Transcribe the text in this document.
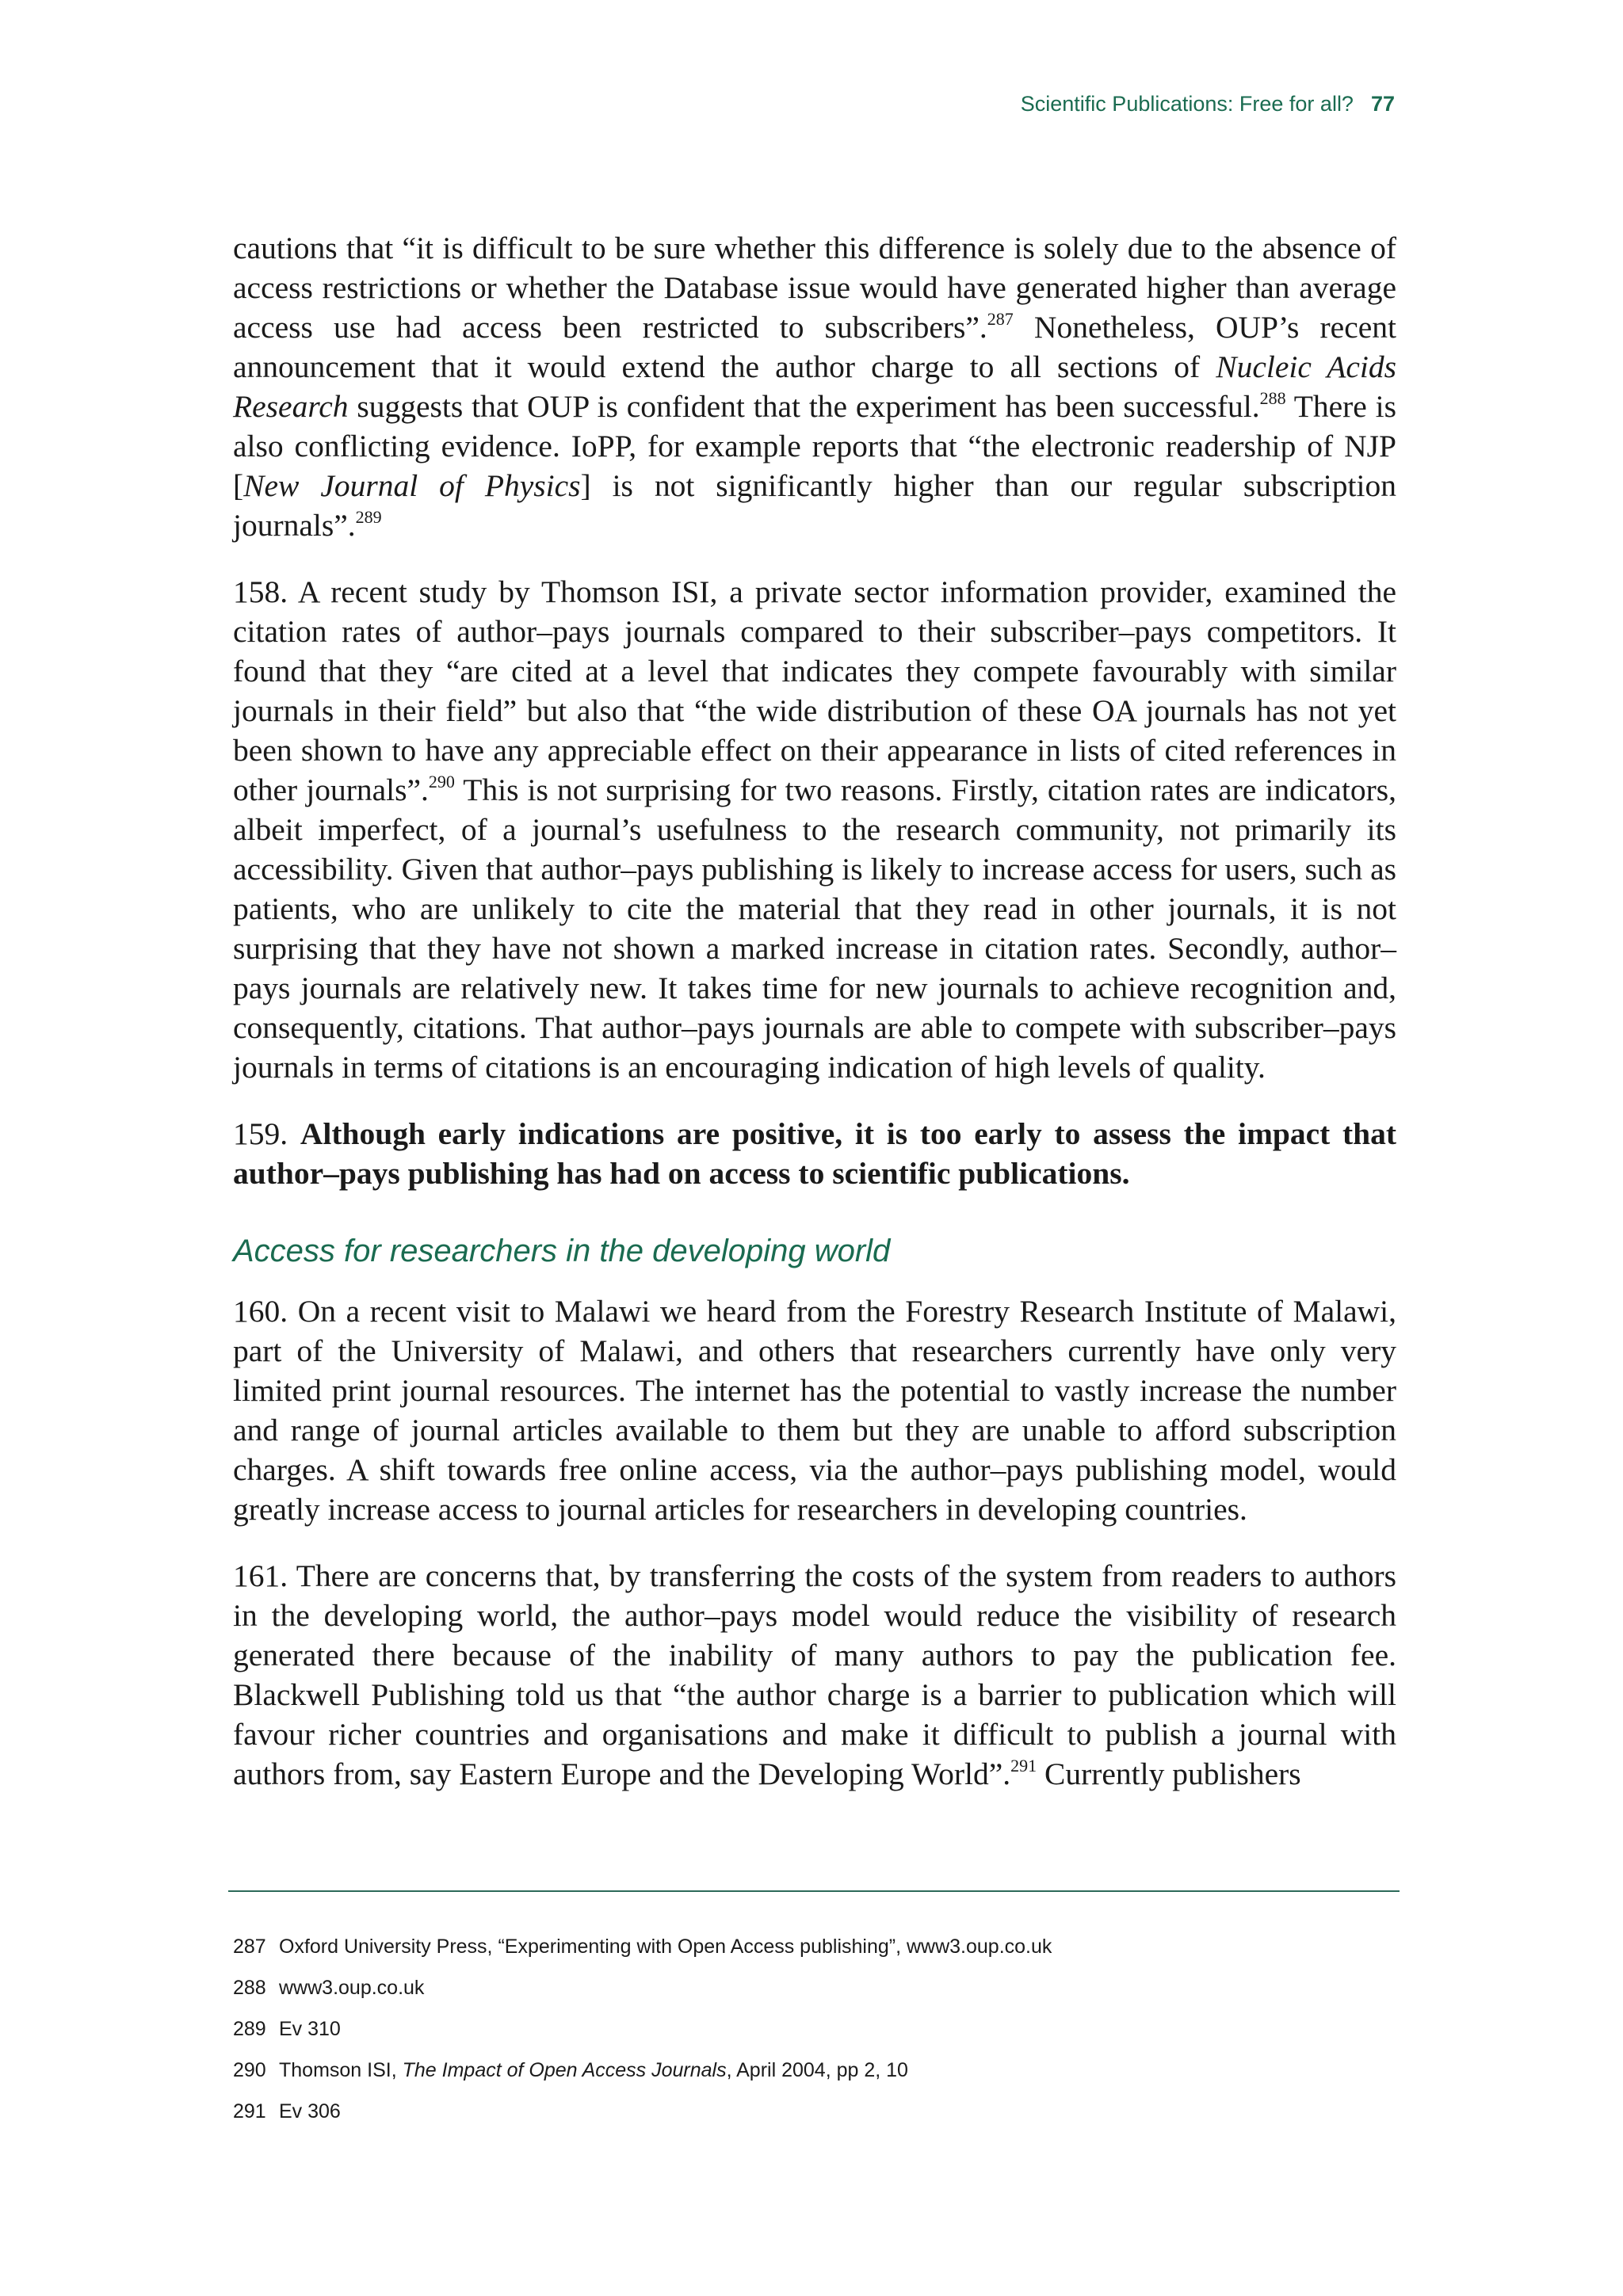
Scientific Publications: Free for all? 77

cautions that “it is difficult to be sure whether this difference is solely due to the absence of access restrictions or whether the Database issue would have generated higher than average access use had access been restricted to subscribers”.$^{287}$ Nonetheless, OUP’s recent announcement that it would extend the author charge to all sections of Nucleic Acids Research suggests that OUP is confident that the experiment has been successful.$^{288}$ There is also conflicting evidence. IoPP, for example reports that “the electronic readership of NJP [New Journal of Physics] is not significantly higher than our regular subscription journals”.$^{289}$

158. A recent study by Thomson ISI, a private sector information provider, examined the citation rates of author–pays journals compared to their subscriber–pays competitors. It found that they “are cited at a level that indicates they compete favourably with similar journals in their field” but also that “the wide distribution of these OA journals has not yet been shown to have any appreciable effect on their appearance in lists of cited references in other journals”.$^{290}$ This is not surprising for two reasons. Firstly, citation rates are indicators, albeit imperfect, of a journal’s usefulness to the research community, not primarily its accessibility. Given that author–pays publishing is likely to increase access for users, such as patients, who are unlikely to cite the material that they read in other journals, it is not surprising that they have not shown a marked increase in citation rates. Secondly, author–pays journals are relatively new. It takes time for new journals to achieve recognition and, consequently, citations. That author–pays journals are able to compete with subscriber–pays journals in terms of citations is an encouraging indication of high levels of quality.

159. Although early indications are positive, it is too early to assess the impact that author–pays publishing has had on access to scientific publications.

Access for researchers in the developing world

160. On a recent visit to Malawi we heard from the Forestry Research Institute of Malawi, part of the University of Malawi, and others that researchers currently have only very limited print journal resources. The internet has the potential to vastly increase the number and range of journal articles available to them but they are unable to afford subscription charges. A shift towards free online access, via the author–pays publishing model, would greatly increase access to journal articles for researchers in developing countries.

161. There are concerns that, by transferring the costs of the system from readers to authors in the developing world, the author–pays model would reduce the visibility of research generated there because of the inability of many authors to pay the publication fee. Blackwell Publishing told us that “the author charge is a barrier to publication which will favour richer countries and organisations and make it difficult to publish a journal with authors from, say Eastern Europe and the Developing World”.$^{291}$ Currently publishers

287 Oxford University Press, “Experimenting with Open Access publishing”, www3.oup.co.uk
288 www3.oup.co.uk
289 Ev 310
290 Thomson ISI, The Impact of Open Access Journals, April 2004, pp 2, 10
291 Ev 306
